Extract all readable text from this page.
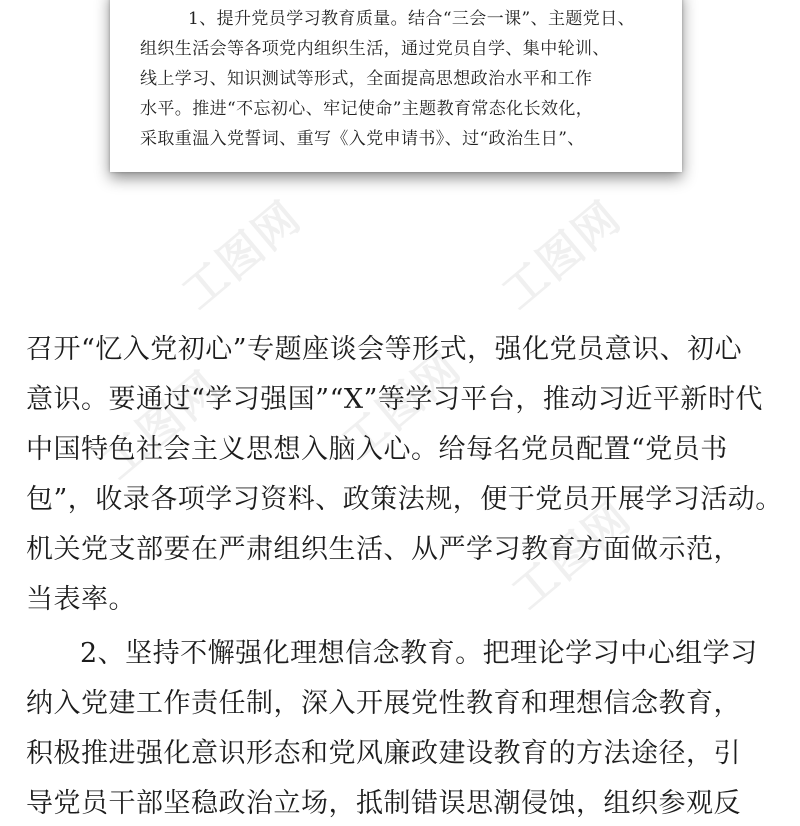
工图网	工图网
工图网 工图网
工图网
1、提升党员学习教育质量。结合“三会一课”、主题党日、
组织生活会等各项党内组织生活，通过党员自学、集中轮训、
线上学习、知识测试等形式，全面提高思想政治水平和工作
水平。推进“不忘初心、牢记使命”主题教育常态化长效化，
采取重温入党誓词、重写《入党申请书》、过“政治生日”、
召开“忆入党初心”专题座谈会等形式，强化党员意识、初心
意识。要通过“学习强国”“X”等学习平台，推动习近平新时代
中国特色社会主义思想入脑入心。给每名党员配置“党员书
包”，收录各项学习资料、政策法规，便于党员开展学习活动。
机关党支部要在严肃组织生活、从严学习教育方面做示范，
当表率。
2、坚持不懈强化理想信念教育。把理论学习中心组学习
纳入党建工作责任制，深入开展党性教育和理想信念教育，
积极推进强化意识形态和党风廉政建设教育的方法途径，引
导党员干部坚稳政治立场，抵制错误思潮侵蚀，组织参观反
